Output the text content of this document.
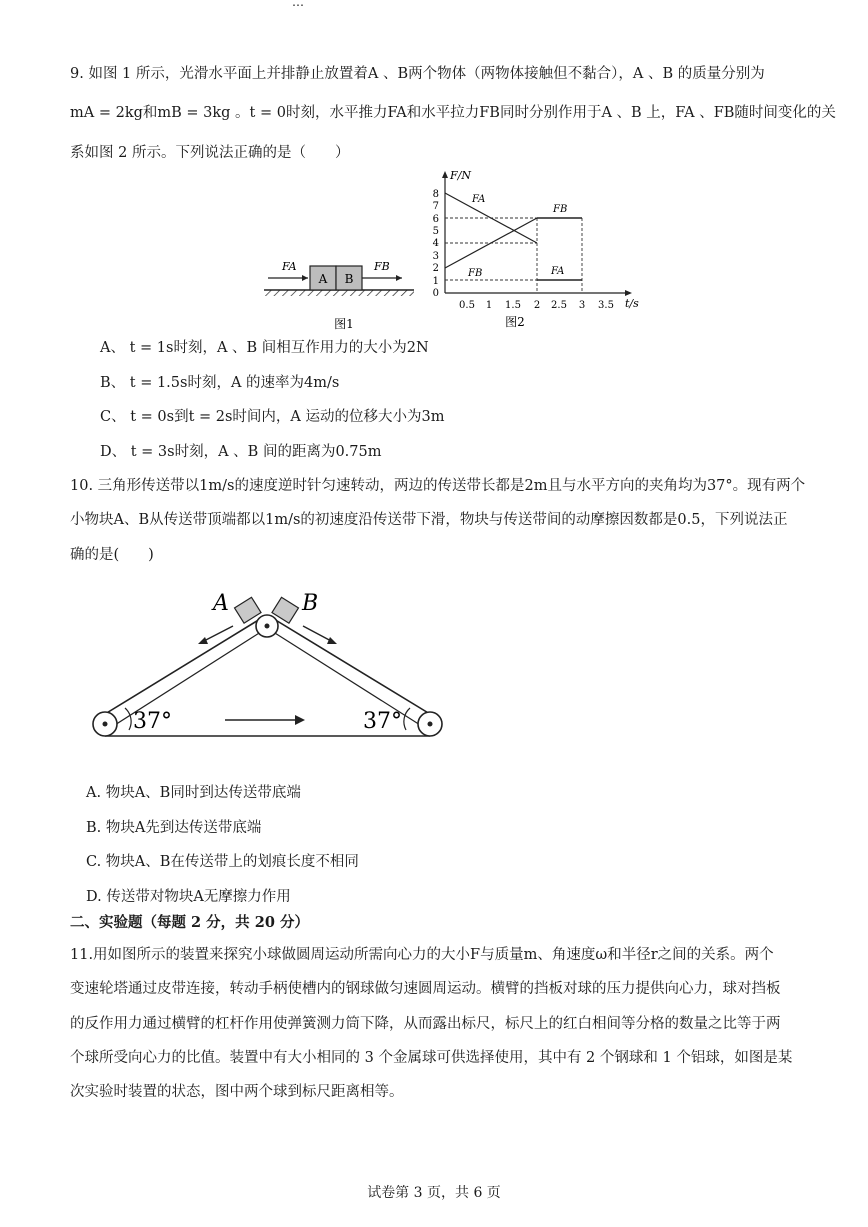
…
9. 如图 1 所示，光滑水平面上并排静止放置着A 、B两个物体（两物体接触但不黏合），A 、B 的质量分别为
mA = 2kg和mB = 3kg 。t = 0时刻，水平推力FA和水平拉力FB同时分别作用于A 、B 上，FA 、FB随时间变化的关
系如图 2 所示。下列说法正确的是（　　）
A B
FA	FB
图1
F/N
t/s
8
7
6
5
4
3
2
1
0
0.5 1 1.5 2 2.5 3 3.5
FA
FB
FB
FA
图2
A、 t = 1s时刻，A 、B 间相互作用力的大小为2N
B、 t = 1.5s时刻，A 的速率为4m/s
C、 t = 0s到t = 2s时间内，A 运动的位移大小为3m
D、 t = 3s时刻，A 、B 间的距离为0.75m
10. 三角形传送带以1m/s的速度逆时针匀速转动，两边的传送带长都是2m且与水平方向的夹角均为37°。现有两个
小物块A、B从传送带顶端都以1m/s的初速度沿传送带下滑，物块与传送带间的动摩擦因数都是0.5，下列说法正
确的是(　　)
A	B
37°	37°
A. 物块A、B同时到达传送带底端
B. 物块A先到达传送带底端
C. 物块A、B在传送带上的划痕长度不相同
D. 传送带对物块A无摩擦力作用
二、实验题（每题 2 分，共 20 分）
11.用如图所示的装置来探究小球做圆周运动所需向心力的大小F与质量m、角速度ω和半径r之间的关系。两个
变速轮塔通过皮带连接，转动手柄使槽内的钢球做匀速圆周运动。横臂的挡板对球的压力提供向心力，球对挡板
的反作用力通过横臂的杠杆作用使弹簧测力筒下降，从而露出标尺，标尺上的红白相间等分格的数量之比等于两
个球所受向心力的比值。装置中有大小相同的 3 个金属球可供选择使用，其中有 2 个钢球和 1 个铝球，如图是某
次实验时装置的状态，图中两个球到标尺距离相等。
试卷第 3 页，共 6 页
